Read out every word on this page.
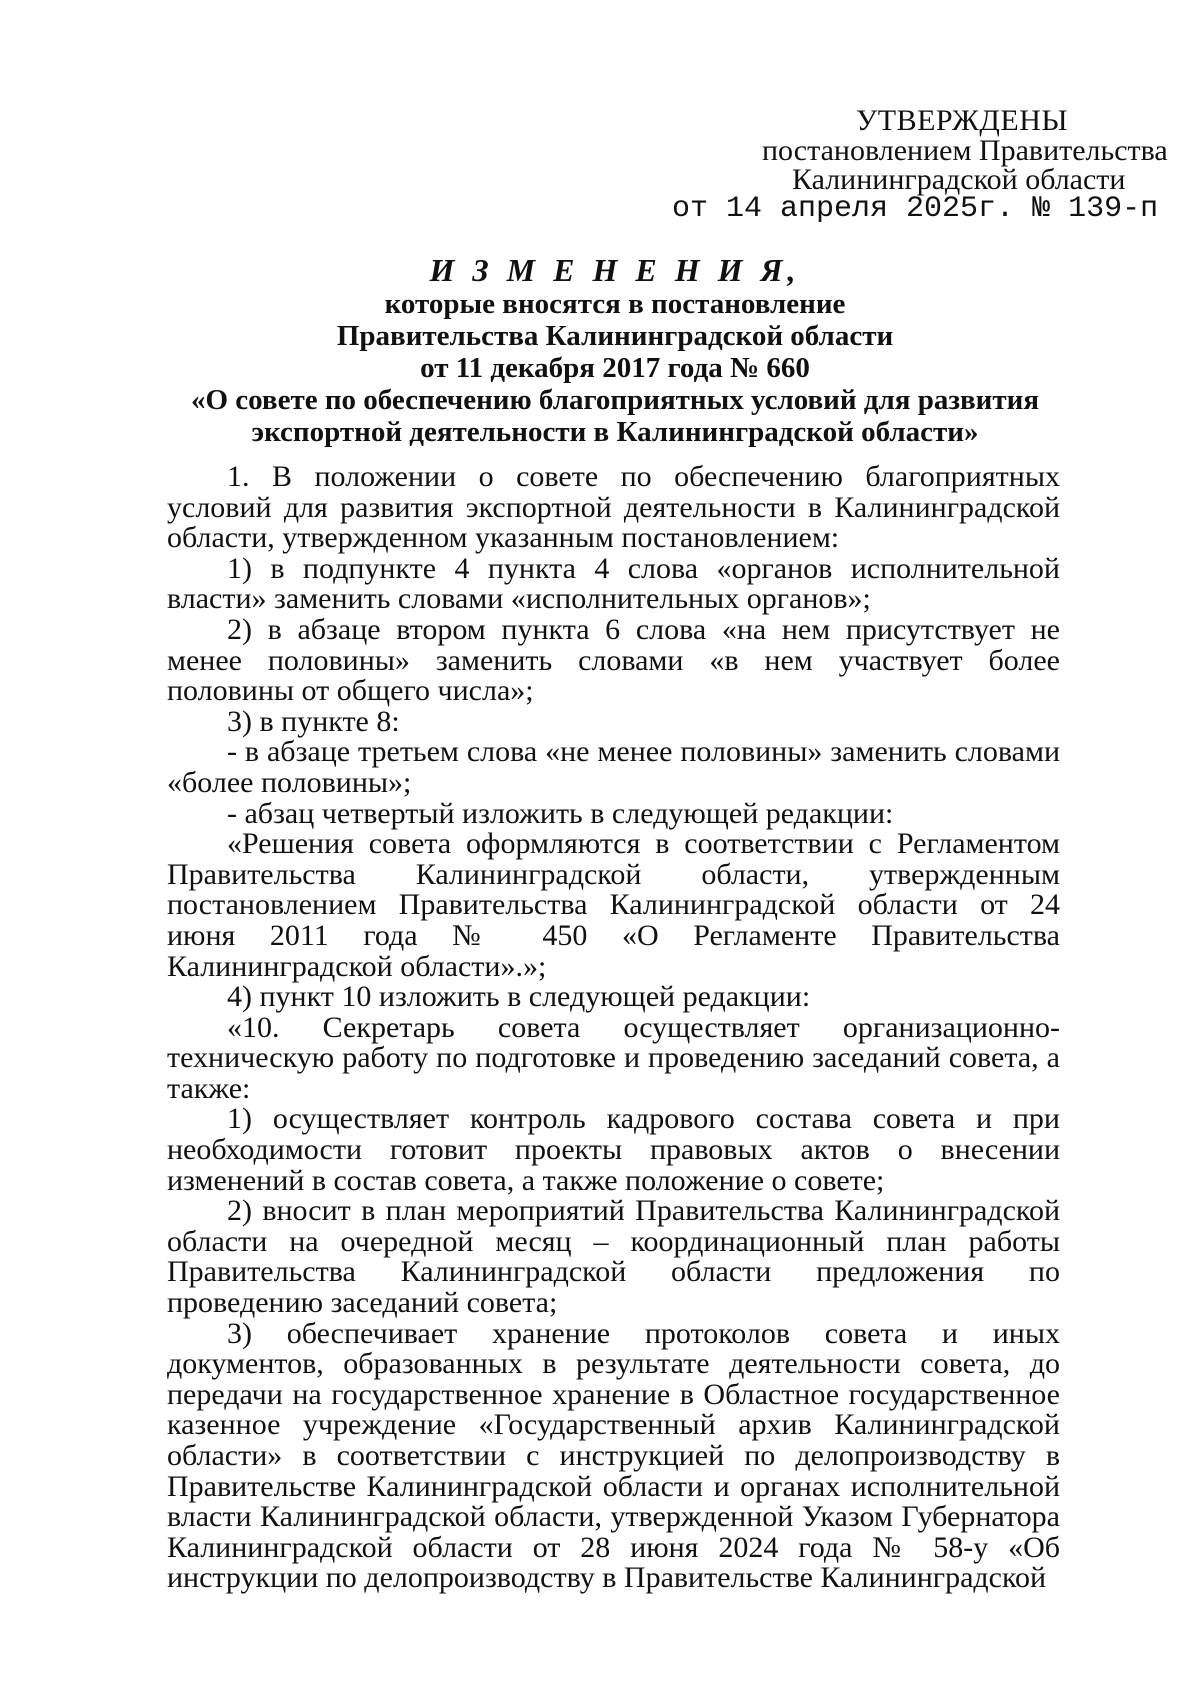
УТВЕРЖДЕНЫ
постановлением Правительства
Калининградской области
от 14 апреля 2025г. № 139-п
И З М Е Н Е Н И Я,
которые вносятся в постановление
Правительства Калининградской области
от 11 декабря 2017 года № 660
«О совете по обеспечению благоприятных условий для развития
экспортной деятельности в Калининградской области»

1. В положении о совете по обеспечению благоприятных условий для развития экспортной деятельности в Калининградской области, утвержденном указанным постановлением:

1) в подпункте 4 пункта 4 слова «органов исполнительной власти» заменить словами «исполнительных органов»;

2) в абзаце втором пункта 6 слова «на нем присутствует не менее половины» заменить словами «в нем участвует более половины от общего числа»;

3) в пункте 8:

- в абзаце третьем слова «не менее половины» заменить словами «более половины»;

- абзац четвертый изложить в следующей редакции:

«Решения совета оформляются в соответствии с Регламентом Правительства Калининградской области, утвержденным постановлением Правительства Калининградской области от 24 июня 2011 года № 450 «О Регламенте Правительства Калининградской области».»;

4) пункт 10 изложить в следующей редакции:

«10. Секретарь совета осуществляет организационно-техническую работу по подготовке и проведению заседаний совета, а также:

1) осуществляет контроль кадрового состава совета и при необходимости готовит проекты правовых актов о внесении изменений в состав совета, а также положение о совете;

2) вносит в план мероприятий Правительства Калининградской области на очередной месяц – координационный план работы Правительства Калининградской области предложения по проведению заседаний совета;

3) обеспечивает хранение протоколов совета и иных документов, образованных в результате деятельности совета, до передачи на государственное хранение в Областное государственное казенное учреждение «Государственный архив Калининградской области» в соответствии с инструкцией по делопроизводству в Правительстве Калининградской области и органах исполнительной власти Калининградской области, утвержденной Указом Губернатора Калининградской области от 28 июня 2024 года № 58-у «Об инструкции по делопроизводству в Правительстве Калининградской
